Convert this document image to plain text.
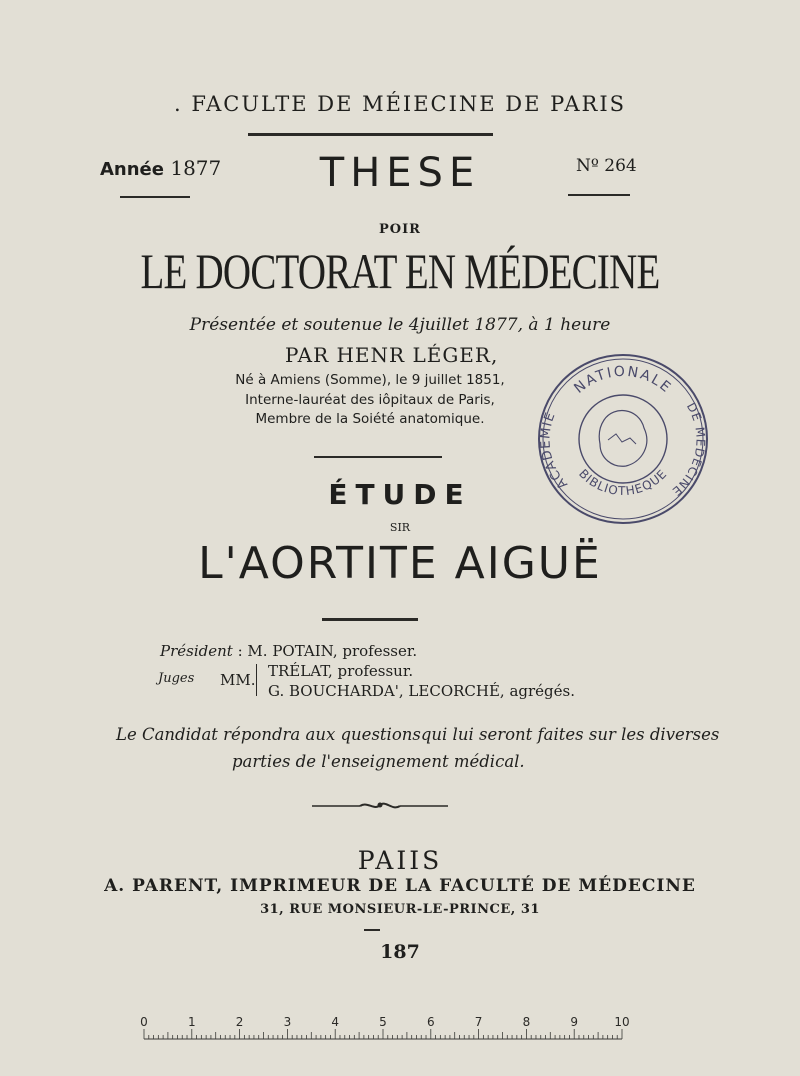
. FACULTE DE MÉIECINE DE PARIS
Année 1877	THESE	Nº 264
POIR
LE DOCTORAT EN MÉDECINE
Présentée et soutenue le 4juillet 1877, à 1 heure
PAR HENR LÉGER,
Né à Amiens (Somme), le 9 juillet 1851,
Interne-lauréat des iôpitaux de Paris,
Membre de la Soiété anatomique.
ÉTUDE
SIR
L'AORTITE AIGUË
Président : M. POTAIN, professer.
Juges MM. TRÉLAT, professur.
G. BOUCHARDA', LECORCHÉ, agrégés.
Le Candidat répondra aux questionsqui lui seront faites sur les diverses
parties de l'enseignement médical.
PAIIS
A. PARENT, IMPRIMEUR DE LA FACULTÉ DE MÉDECINE
31, RUE MONSIEUR-LE-PRINCE, 31
187
NATIONALE
BIBLIOTHEQUE
ACADEMIE
DE MÉDECINE
0	1	2	3	4	5	6	7	8	9	10
